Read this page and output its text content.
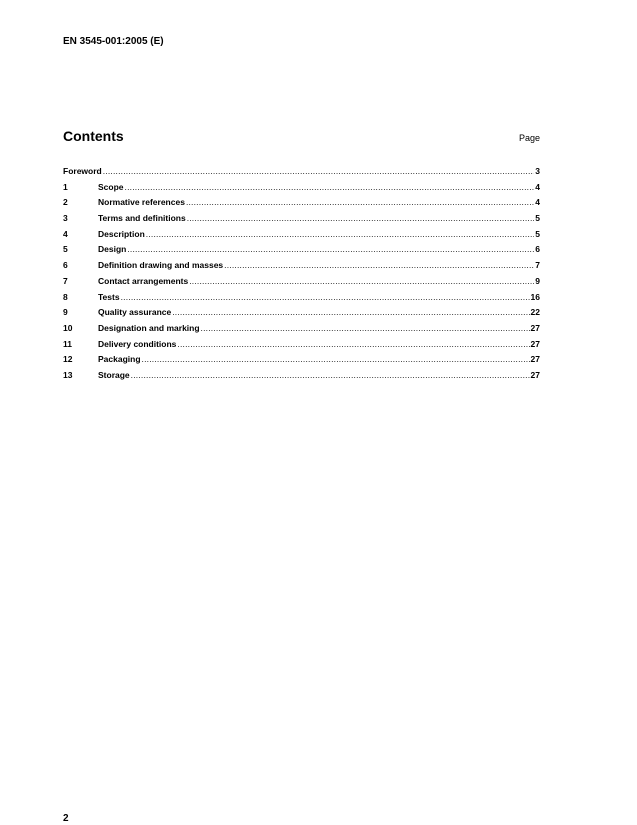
EN 3545-001:2005 (E)
Contents	Page
Foreword .....	3
1	Scope .....	4
2	Normative references .....	4
3	Terms and definitions .....	5
4	Description .....	5
5	Design .....	6
6	Definition drawing and masses .....	7
7	Contact arrangements .....	9
8	Tests .....	16
9	Quality assurance .....	22
10	Designation and marking .....	27
11	Delivery conditions .....	27
12	Packaging .....	27
13	Storage .....	27
2
